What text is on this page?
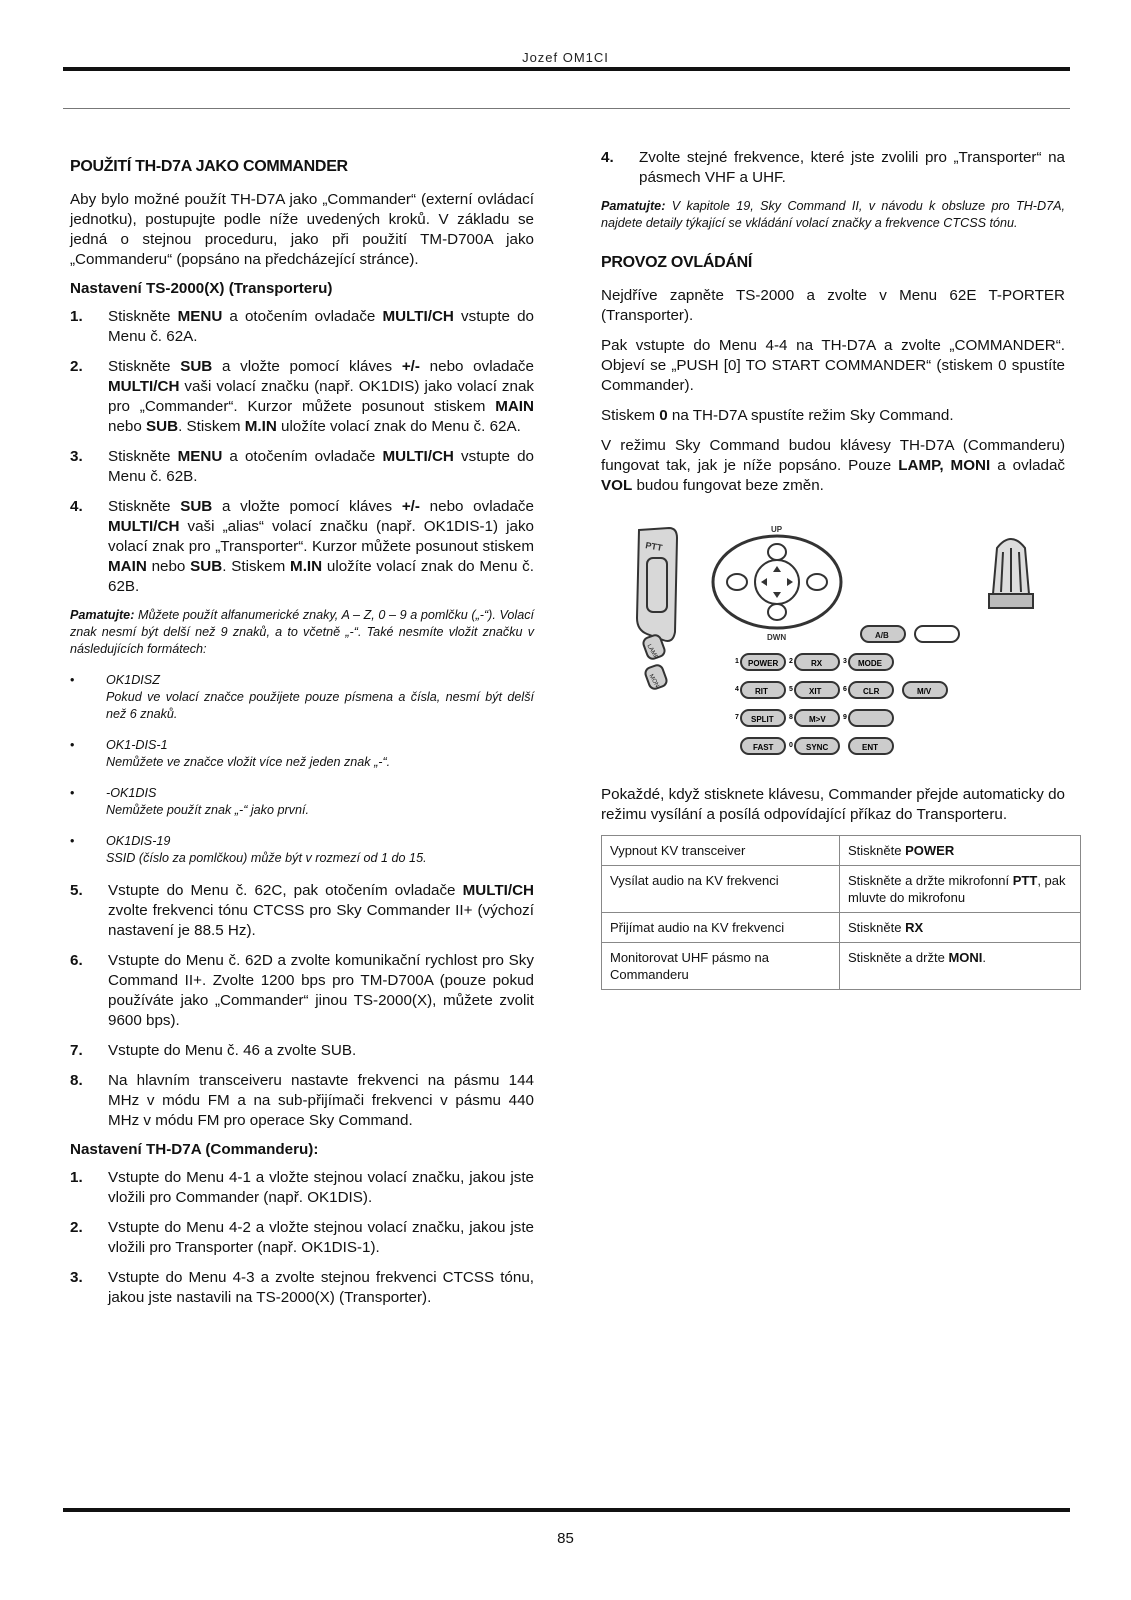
Jozef OM1CI
POUŽITÍ TH-D7A JAKO COMMANDER

Aby bylo možné použít TH-D7A jako „Commander“ (externí ovládací jednotku), postupujte podle níže uvedených kroků. V základu se jedná o stejnou proceduru, jako při použití TM-D700A jako „Commanderu“ (popsáno na předcházející stránce).

Nastavení TS-2000(X) (Transporteru)
1.	Stiskněte MENU a otočením ovladače MULTI/CH vstupte do Menu č. 62A.
2.	Stiskněte SUB a vložte pomocí kláves +/- nebo ovladače MULTI/CH vaši volací značku (např. OK1DIS) jako volací znak pro „Commander“. Kurzor můžete posunout stiskem MAIN nebo SUB. Stiskem M.IN uložíte volací znak do Menu č. 62A.
3.	Stiskněte MENU a otočením ovladače MULTI/CH vstupte do Menu č. 62B.
4.	Stiskněte SUB a vložte pomocí kláves +/- nebo ovladače MULTI/CH vaši „alias“ volací značku (např. OK1DIS-1) jako volací znak pro „Transporter“. Kurzor můžete posunout stiskem MAIN nebo SUB. Stiskem M.IN uložíte volací znak do Menu č. 62B.
Pamatujte: Můžete použít alfanumerické znaky, A – Z, 0 – 9 a pomlčku („-“). Volací znak nesmí být delší než 9 znaků, a to včetně „-“. Také nesmíte vložit značku v následujících formátech:
•	OK1DISZ
Pokud ve volací značce použijete pouze písmena a čísla, nesmí být delší než 6 znaků.
•	OK1-DIS-1
Nemůžete ve značce vložit více než jeden znak „-“.
•	-OK1DIS
Nemůžete použít znak „-“ jako první.
•	OK1DIS-19
SSID (číslo za pomlčkou) může být v rozmezí od 1 do 15.
5.	Vstupte do Menu č. 62C, pak otočením ovladače MULTI/CH zvolte frekvenci tónu CTCSS pro Sky Commander II+ (výchozí nastavení je 88.5 Hz).
6.	Vstupte do Menu č. 62D a zvolte komunikační rychlost pro Sky Command II+. Zvolte 1200 bps pro TM-D700A (pouze pokud používáte jako „Commander“ jinou TS-2000(X), můžete zvolit 9600 bps).
7.	Vstupte do Menu č. 46 a zvolte SUB.
8.	Na hlavním transceiveru nastavte frekvenci na pásmu 144 MHz v módu FM a na sub-přijímači frekvenci v pásmu 440 MHz v módu FM pro operace Sky Command.
Nastavení TH-D7A (Commanderu):
1.	Vstupte do Menu 4-1 a vložte stejnou volací značku, jakou jste vložili pro Commander (např. OK1DIS).
2.	Vstupte do Menu 4-2 a vložte stejnou volací značku, jakou jste vložili pro Transporter (např. OK1DIS-1).
3.	Vstupte do Menu 4-3 a zvolte stejnou frekvenci CTCSS tónu, jakou jste nastavili na TS-2000(X) (Transporter).
4.	Zvolte stejné frekvence, které jste zvolili pro „Transporter“ na pásmech VHF a UHF.
Pamatujte: V kapitole 19, Sky Command II, v návodu k obsluze pro TH-D7A, najdete detaily týkající se vkládání volací značky a frekvence CTCSS tónu.
PROVOZ OVLÁDÁNÍ

Nejdříve zapněte TS-2000 a zvolte v Menu 62E T-PORTER (Transporter).

Pak vstupte do Menu 4-4 na TH-D7A a zvolte „COMMANDER“. Objeví se „PUSH [0] TO START COMMANDER“ (stiskem 0 spustíte Commander).

Stiskem 0 na TH-D7A spustíte režim Sky Command.

V režimu Sky Command budou klávesy TH-D7A (Commanderu) fungovat tak, jak je níže popsáno. Pouze LAMP, MONI a ovladač VOL budou fungovat beze změn.

PTT
LAMP
MON
UP
DWN	A/B
1 POWER 2 RX	3 MODE
4 RIT	5 XIT	6 CLR	M/V
7 SPLIT 8 M>V 9
FAST 0 SYNC	ENT

Pokaždé, když stisknete klávesu, Commander přejde automaticky do režimu vysílání a posílá odpovídající příkaz do Transporteru.

Vypnout KV transceiver	Stiskněte POWER
Vysílat audio na KV frekvenci	Stiskněte a držte mikrofonní PTT, pak mluvte do mikrofonu
Přijímat audio na KV frekvenci	Stiskněte RX
Monitorovat UHF pásmo na Commanderu	Stiskněte a držte MONI.
85
